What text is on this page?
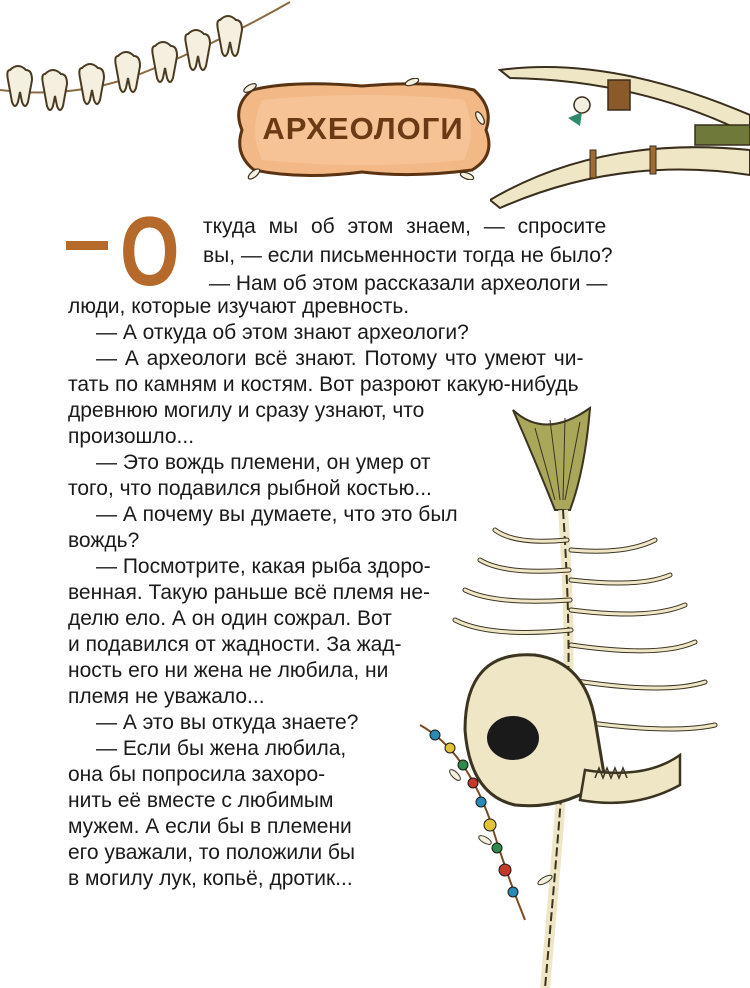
АРХЕОЛОГИ
О ткуда мы об этом знаем, — спросите
вы, — если письменности тогда не было?
— Нам об этом рассказали археологи —
люди, которые изучают древность.
— А откуда об этом знают археологи?
— А археологи всё знают. Потому что умеют чи-
тать по камням и костям. Вот разроют какую-нибудь
древнюю могилу и сразу узнают, что
произошло...
— Это вождь племени, он умер от
того, что подавился рыбной костью...
— А почему вы думаете, что это был
вождь?
— Посмотрите, какая рыба здоро-
венная. Такую раньше всё племя не-
делю ело. А он один сожрал. Вот
и подавился от жадности. За жад-
ность его ни жена не любила, ни
племя не уважало...
— А это вы откуда знаете?
— Если бы жена любила,
она бы попросила захоро-
нить её вместе с любимым
мужем. А если бы в племени
его уважали, то положили бы
в могилу лук, копьё, дротик...
